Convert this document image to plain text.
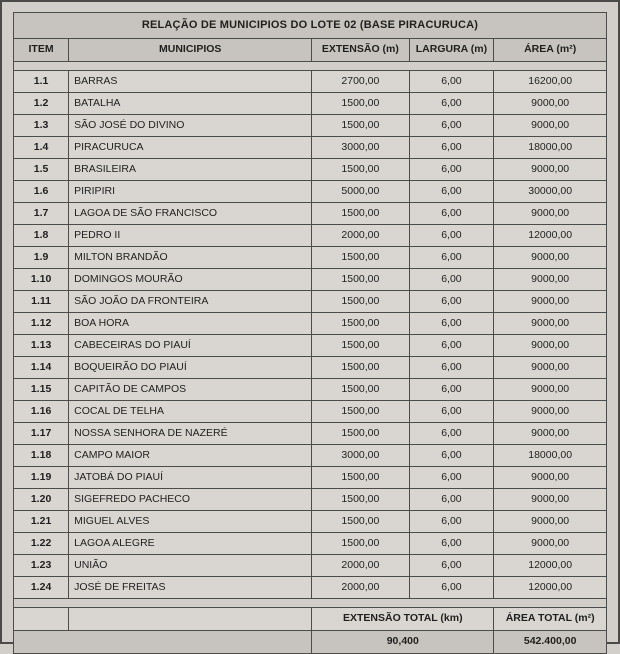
RELAÇÃO DE MUNICIPIOS DO LOTE 02 (BASE PIRACURUCA)				
ITEM	MUNICIPIOS	EXTENSÃO (m)	LARGURA (m)	ÁREA (m²)

1.1	BARRAS	2700,00	6,00	16200,00
1.2	BATALHA	1500,00	6,00	9000,00
1.3	SÃO JOSÉ DO DIVINO	1500,00	6,00	9000,00
1.4	PIRACURUCA	3000,00	6,00	18000,00
1.5	BRASILEIRA	1500,00	6,00	9000,00
1.6	PIRIPIRI	5000,00	6,00	30000,00
1.7	LAGOA DE SÃO FRANCISCO	1500,00	6,00	9000,00
1.8	PEDRO II	2000,00	6,00	12000,00
1.9	MILTON BRANDÃO	1500,00	6,00	9000,00
1.10	DOMINGOS MOURÃO	1500,00	6,00	9000,00
1.11	SÃO JOÃO DA FRONTEIRA	1500,00	6,00	9000,00
1.12	BOA HORA	1500,00	6,00	9000,00
1.13	CABECEIRAS DO PIAUÍ	1500,00	6,00	9000,00
1.14	BOQUEIRÃO DO PIAUÍ	1500,00	6,00	9000,00
1.15	CAPITÃO DE CAMPOS	1500,00	6,00	9000,00
1.16	COCAL DE TELHA	1500,00	6,00	9000,00
1.17	NOSSA SENHORA DE NAZERÉ	1500,00	6,00	9000,00
1.18	CAMPO MAIOR	3000,00	6,00	18000,00
1.19	JATOBÁ DO PIAUÍ	1500,00	6,00	9000,00
1.20	SIGEFREDO PACHECO	1500,00	6,00	9000,00
1.21	MIGUEL ALVES	1500,00	6,00	9000,00
1.22	LAGOA ALEGRE	1500,00	6,00	9000,00
1.23	UNIÃO	2000,00	6,00	12000,00
1.24	JOSÉ DE FREITAS	2000,00	6,00	12000,00

		EXTENSÃO TOTAL (km)		ÁREA TOTAL (m²)
		90,400		542.400,00
